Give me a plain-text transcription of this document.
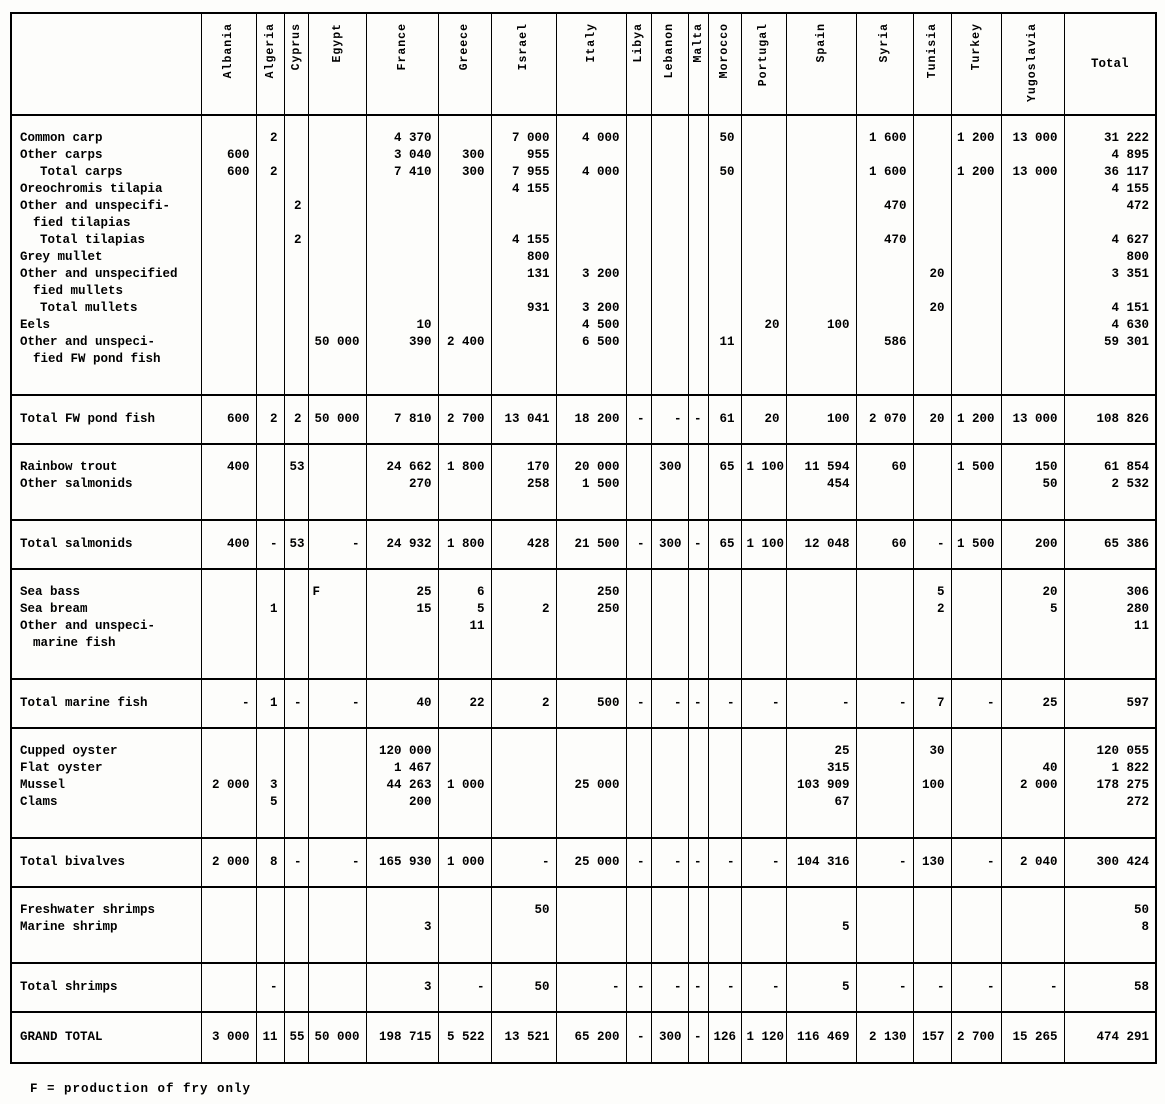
	Albania	Algeria	Cyprus	Egypt	France	Greece	Israel	Italy	Libya	Lebanon	Malta	Morocco	Portugal	Spain	Syria	Tunisia	Turkey	Yugoslavia	Total
Common carp		2			4 370		7 000	4 000				50			1 600		1 200	13 000	31 222
Other carps	600				3 040	300	955												4 895
Total carps	600	2			7 410	300	7 955	4 000				50			1 600		1 200	13 000	36 117
Oreochromis tilapia							4 155												4 155
Other and unspecifi-			2												470				472
fied tilapias																			
Total tilapias			2				4 155								470				4 627
Grey mullet							800												800
Other and unspecified							131	3 200								20			3 351
fied mullets																			
Total mullets							931	3 200								20			4 151
Eels					10			4 500					20	100					4 630
Other and unspeci-				50 000	390	2 400		6 500				11			586				59 301
fied FW pond fish																			
Total FW pond fish	600	2	2	50 000	7 810	2 700	13 041	18 200	-	-	-	61	20	100	2 070	20	1 200	13 000	108 826
Rainbow trout	400		53		24 662	1 800	170	20 000		300		65	1 100	11 594	60		1 500	150	61 854
Other salmonids					270		258	1 500						454				50	2 532
Total salmonids	400	-	53	-	24 932	1 800	428	21 500	-	300	-	65	1 100	12 048	60	-	1 500	200	65 386
Sea bass				F	25	6		250								5		20	306
Sea bream		1			15	5	2	250								2		5	280
Other and unspeci-						11													11
marine fish																			
Total marine fish	-	1	-	-	40	22	2	500	-	-	-	-	-	-	-	7	-	25	597
Cupped oyster					120 000									25		30			120 055
Flat oyster					1 467									315				40	1 822
Mussel	2 000	3			44 263	1 000		25 000						103 909		100		2 000	178 275
Clams		5			200									67					272
Total bivalves	2 000	8	-	-	165 930	1 000	-	25 000	-	-	-	-	-	104 316	-	130	-	2 040	300 424
Freshwater shrimps							50												50
Marine shrimp					3									5					8
Total shrimps		-			3	-	50	-	-	-	-	-	-	5	-	-	-	-	58
GRAND TOTAL	3 000	11	55	50 000	198 715	5 522	13 521	65 200	-	300	-	126	1 120	116 469	2 130	157	2 700	15 265	474 291
F = production of fry only
